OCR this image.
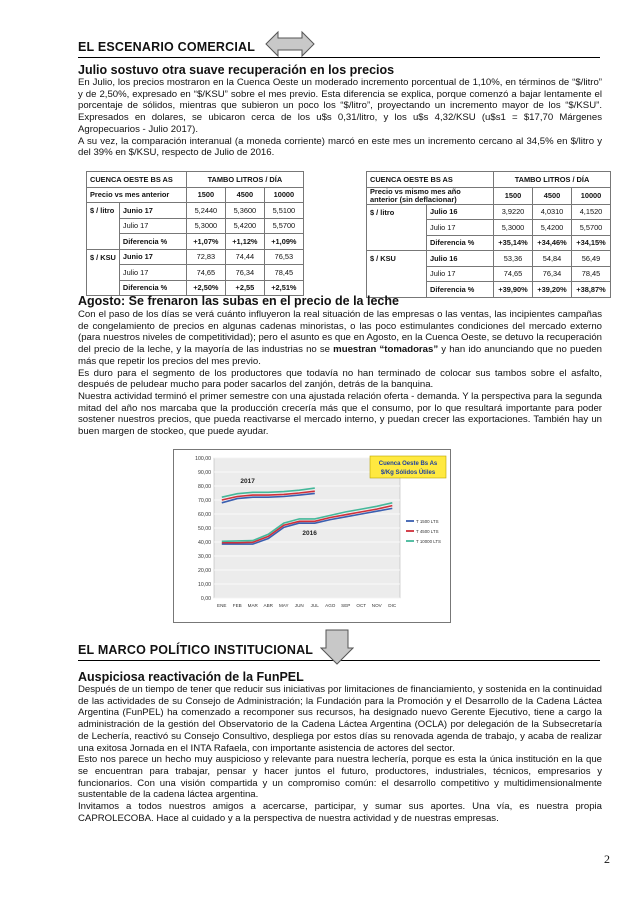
EL ESCENARIO COMERCIAL
Julio sostuvo otra suave recuperación en los precios

En Julio, los precios mostraron en la Cuenca Oeste un moderado incremento porcentual de 1,10%, en términos de “$/litro” y de 2,50%, expresado en “$/KSU” sobre el mes previo. Esta diferencia se explica, porque comenzó a bajar lentamente el porcentaje de sólidos, mientras que subieron un poco los “$/litro”, proyectando un incremento mayor de los “$/KSU”. Expresados en dolares, se ubicaron cerca de los u$s 0,31/litro, y los u$s 4,32/KSU (u$s1 = $17,70 Márgenes Agropecuarios - Julio 2017).

A su vez, la comparación interanual (a moneda corriente) marcó en este mes un incremento cercano al 34,5% en $/litro y del 39% en $/KSU, respecto de Julio de 2016.

CUENCA OESTE BS AS		TAMBO LITROS / DÍA		
Precio vs mes anterior		1500	4500	10000
$ / litro	Junio 17	5,2440	5,3600	5,5100
	Julio 17	5,3000	5,4200	5,5700
	Diferencia %	+1,07%	+1,12%	+1,09%
$ / KSU	Junio 17	72,83	74,44	76,53
	Julio 17	74,65	76,34	78,45
	Diferencia %	+2,50%	+2,55	+2,51%
CUENCA OESTE BS AS		TAMBO LITROS / DÍA		
Precio vs mismo mes año anterior (sin deflacionar)		1500	4500	10000
$ / litro	Julio 16	3,9220	4,0310	4,1520
	Julio 17	5,3000	5,4200	5,5700
	Diferencia %	+35,14%	+34,46%	+34,15%
$ / KSU	Julio 16	53,36	54,84	56,49
	Julio 17	74,65	76,34	78,45
	Diferencia %	+39,90%	+39,20%	+38,87%
Agosto: Se frenaron las subas en el precio de la leche

Con el paso de los días se verá cuánto influyeron la real situación de las empresas o las ventas, las incipientes campañas de congelamiento de precios en algunas cadenas minoristas, o las poco estimulantes condiciones del mercado externo (para nuestros niveles de competitividad); pero el asunto es que en Agosto, en la Cuenca Oeste, se detuvo la recuperación del precio de la leche, y la mayoría de las industrias no se muestran “tomadoras” y han ido anunciando que no pueden más que repetir los precios del mes previo.

Es duro para el segmento de los productores que todavía no han terminado de colocar sus tambos sobre el asfalto, después de peludear mucho para poder sacarlos del zanjón, detrás de la banquina.

Nuestra actividad terminó el primer semestre con una ajustada relación oferta - demanda. Y la perspectiva para la segunda mitad del año nos marcaba que la producción crecería más que el consumo, por lo que resultará importante para poder sostener nuestros precios, que pueda reactivarse el mercado interno, y puedan crecer las exportaciones. También hay un buen margen de stockeo, que puede ayudar.

0,00
10,00
20,00
30,00
40,00
50,00
60,00
70,00
80,00
90,00
100,00
ENE FEB MAR ABR MAY JUN JUL AGO SEP OCT NOV DIC
2017
2016
Cuenca Oeste Bs As
$/Kg Sólidos Útiles
T 1500 LTS
T 4500 LTS
T 10000 LTS
EL MARCO POLÍTICO INSTITUCIONAL
Auspiciosa reactivación de la FunPEL

Después de un tiempo de tener que reducir sus iniciativas por limitaciones de financiamiento, y sostenida en la continuidad de las actividades de su Consejo de Administración; la Fundación para la Promoción y el Desarrollo de la Cadena Láctea Argentina (FunPEL) ha comenzado a recomponer sus recursos, ha designado nuevo Gerente Ejecutivo, tiene a cargo la administración de la gestión del Observatorio de la Cadena Láctea Argentina (OCLA) por delegación de la Subsecretaría de Lechería, reactivó su Consejo Consultivo, despliega por estos días su renovada agenda de trabajo, y acaba de realizar una exitosa Jornada en el INTA Rafaela, con importante asistencia de actores del sector.

Esto nos parece un hecho muy auspicioso y relevante para nuestra lechería, porque es esta la única institución en la que se encuentran para trabajar, pensar y hacer juntos el futuro, productores, industriales, técnicos, empresarios y funcionarios. Con una visión compartida y un compromiso común: el desarrollo competitivo y multidimensionalmente sustentable de la cadena láctea argentina.

Invitamos a todos nuestros amigos a acercarse, participar, y sumar sus aportes. Una vía, es nuestra propia CAPROLECOBA. Hace al cuidado y a la perspectiva de nuestra actividad y de nuestras empresas.

2
